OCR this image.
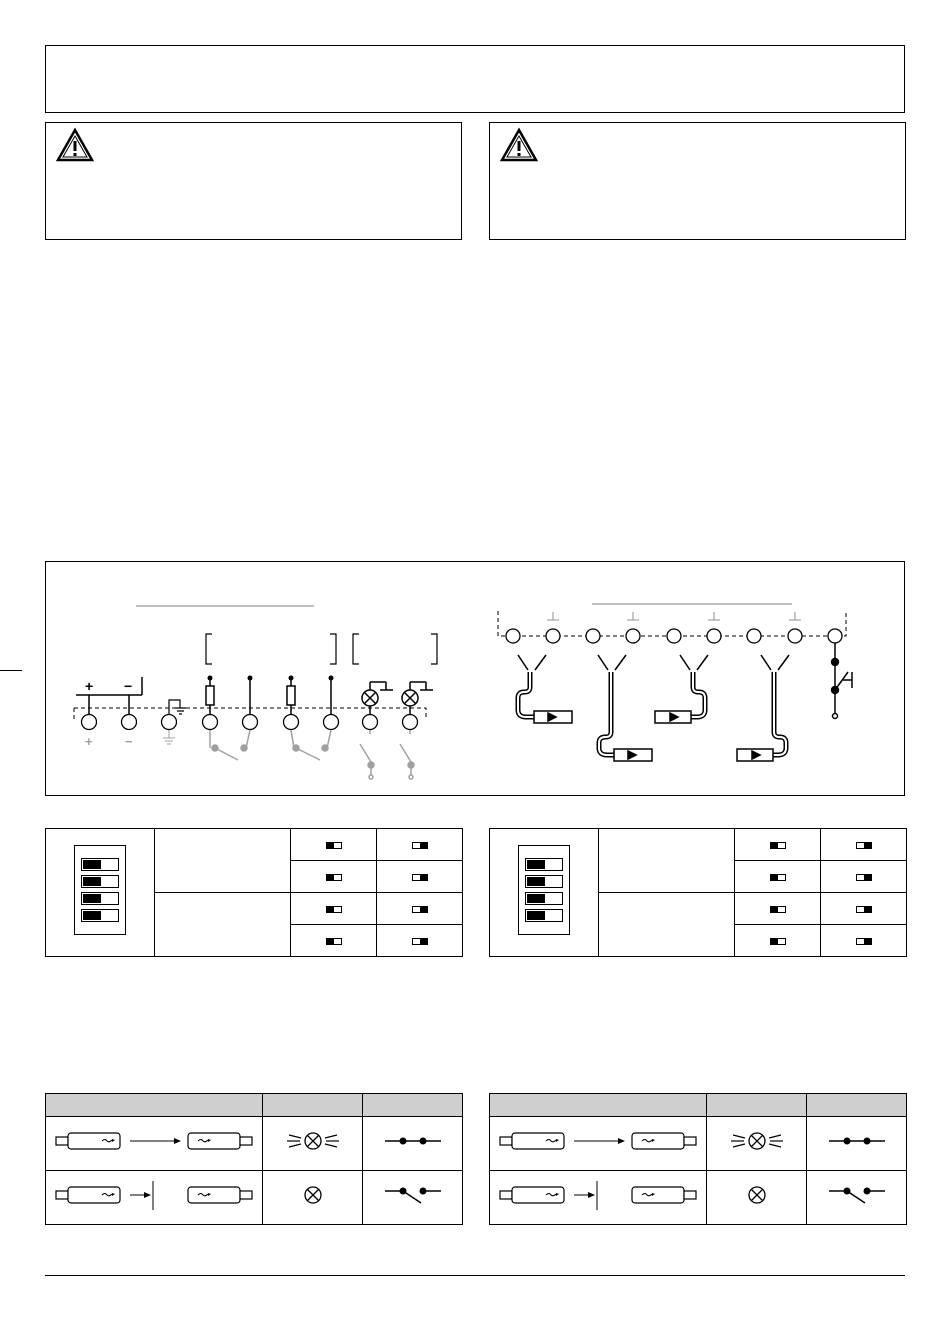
+ −
+ −
